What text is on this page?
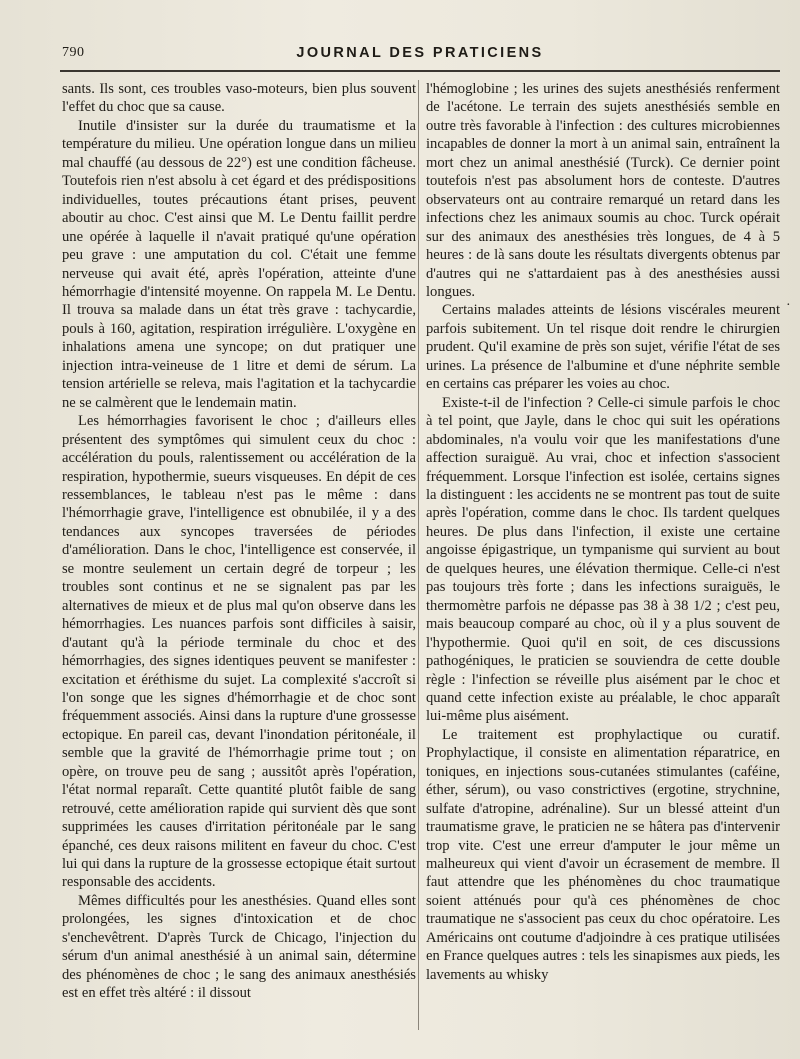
790	JOURNAL DES PRATICIENS

sants. Ils sont, ces troubles vaso-moteurs, bien plus souvent l'effet du choc que sa cause.

Inutile d'insister sur la durée du traumatisme et la température du milieu. Une opération longue dans un milieu mal chauffé (au dessous de 22°) est une condition fâcheuse. Toutefois rien n'est absolu à cet égard et des prédispositions individuelles, toutes précautions étant prises, peuvent aboutir au choc. C'est ainsi que M. Le Dentu faillit perdre une opérée à laquelle il n'avait pratiqué qu'une opération peu grave : une amputation du col. C'était une femme nerveuse qui avait été, après l'opération, atteinte d'une hémorrhagie d'intensité moyenne. On rappela M. Le Dentu. Il trouva sa malade dans un état très grave : tachycardie, pouls à 160, agitation, respiration irrégulière. L'oxygène en inhalations amena une syncope; on dut pratiquer une injection intra-veineuse de 1 litre et demi de sérum. La tension artérielle se releva, mais l'agitation et la tachycardie ne se calmèrent que le lendemain matin.

Les hémorrhagies favorisent le choc ; d'ailleurs elles présentent des symptômes qui simulent ceux du choc : accélération du pouls, ralentissement ou accélération de la respiration, hypothermie, sueurs visqueuses. En dépit de ces ressemblances, le tableau n'est pas le même : dans l'hémorrhagie grave, l'intelligence est obnubilée, il y a des tendances aux syncopes traversées de périodes d'amélioration. Dans le choc, l'intelligence est conservée, il se montre seulement un certain degré de torpeur ; les troubles sont continus et ne se signalent pas par les alternatives de mieux et de plus mal qu'on observe dans les hémorrhagies. Les nuances parfois sont difficiles à saisir, d'autant qu'à la période terminale du choc et des hémorrhagies, des signes identiques peuvent se manifester : excitation et éréthisme du sujet. La complexité s'accroît si l'on songe que les signes d'hémorrhagie et de choc sont fréquemment associés. Ainsi dans la rupture d'une grossesse ectopique. En pareil cas, devant l'inondation péritonéale, il semble que la gravité de l'hémorrhagie prime tout ; on opère, on trouve peu de sang ; aussitôt après l'opération, l'état normal reparaît. Cette quantité plutôt faible de sang retrouvé, cette amélioration rapide qui survient dès que sont supprimées les causes d'irritation péritonéale par le sang épanché, ces deux raisons militent en faveur du choc. C'est lui qui dans la rupture de la grossesse ectopique était surtout responsable des accidents.

Mêmes difficultés pour les anesthésies. Quand elles sont prolongées, les signes d'intoxication et de choc s'enchevêtrent. D'après Turck de Chicago, l'injection du sérum d'un animal anesthésié à un animal sain, détermine des phénomènes de choc ; le sang des animaux anesthésiés est en effet très altéré : il dissout

l'hémoglobine ; les urines des sujets anesthésiés renferment de l'acétone. Le terrain des sujets anesthésiés semble en outre très favorable à l'infection : des cultures microbiennes incapables de donner la mort à un animal sain, entraînent la mort chez un animal anesthésié (Turck). Ce dernier point toutefois n'est pas absolument hors de conteste. D'autres observateurs ont au contraire remarqué un retard dans les infections chez les animaux soumis au choc. Turck opérait sur des animaux des anesthésies très longues, de 4 à 5 heures : de là sans doute les résultats divergents obtenus par d'autres qui ne s'attardaient pas à des anesthésies aussi longues.

Certains malades atteints de lésions viscérales meurent parfois subitement. Un tel risque doit rendre le chirurgien prudent. Qu'il examine de près son sujet, vérifie l'état de ses urines. La présence de l'albumine et d'une néphrite semble en certains cas préparer les voies au choc.

Existe-t-il de l'infection ? Celle-ci simule parfois le choc à tel point, que Jayle, dans le choc qui suit les opérations abdominales, n'a voulu voir que les manifestations d'une affection suraiguë. Au vrai, choc et infection s'associent fréquemment. Lorsque l'infection est isolée, certains signes la distinguent : les accidents ne se montrent pas tout de suite après l'opération, comme dans le choc. Ils tardent quelques heures. De plus dans l'infection, il existe une certaine angoisse épigastrique, un tympanisme qui survient au bout de quelques heures, une élévation thermique. Celle-ci n'est pas toujours très forte ; dans les infections suraiguës, le thermomètre parfois ne dépasse pas 38 à 38 1/2 ; c'est peu, mais beaucoup comparé au choc, où il y a plus souvent de l'hypothermie. Quoi qu'il en soit, de ces discussions pathogéniques, le praticien se souviendra de cette double règle : l'infection se réveille plus aisément par le choc et quand cette infection existe au préalable, le choc apparaît lui-même plus aisément.

Le traitement est prophylactique ou curatif. Prophylactique, il consiste en alimentation réparatrice, en toniques, en injections sous-cutanées stimulantes (caféine, éther, sérum), ou vaso constrictives (ergotine, strychnine, sulfate d'atropine, adrénaline). Sur un blessé atteint d'un traumatisme grave, le praticien ne se hâtera pas d'intervenir trop vite. C'est une erreur d'amputer le jour même un malheureux qui vient d'avoir un écrasement de membre. Il faut attendre que les phénomènes du choc traumatique soient atténués pour qu'à ces phénomènes de choc traumatique ne s'associent pas ceux du choc opératoire. Les Américains ont coutume d'adjoindre à ces pratique utilisées en France quelques autres : tels les sinapismes aux pieds, les lavements au whisky

·
